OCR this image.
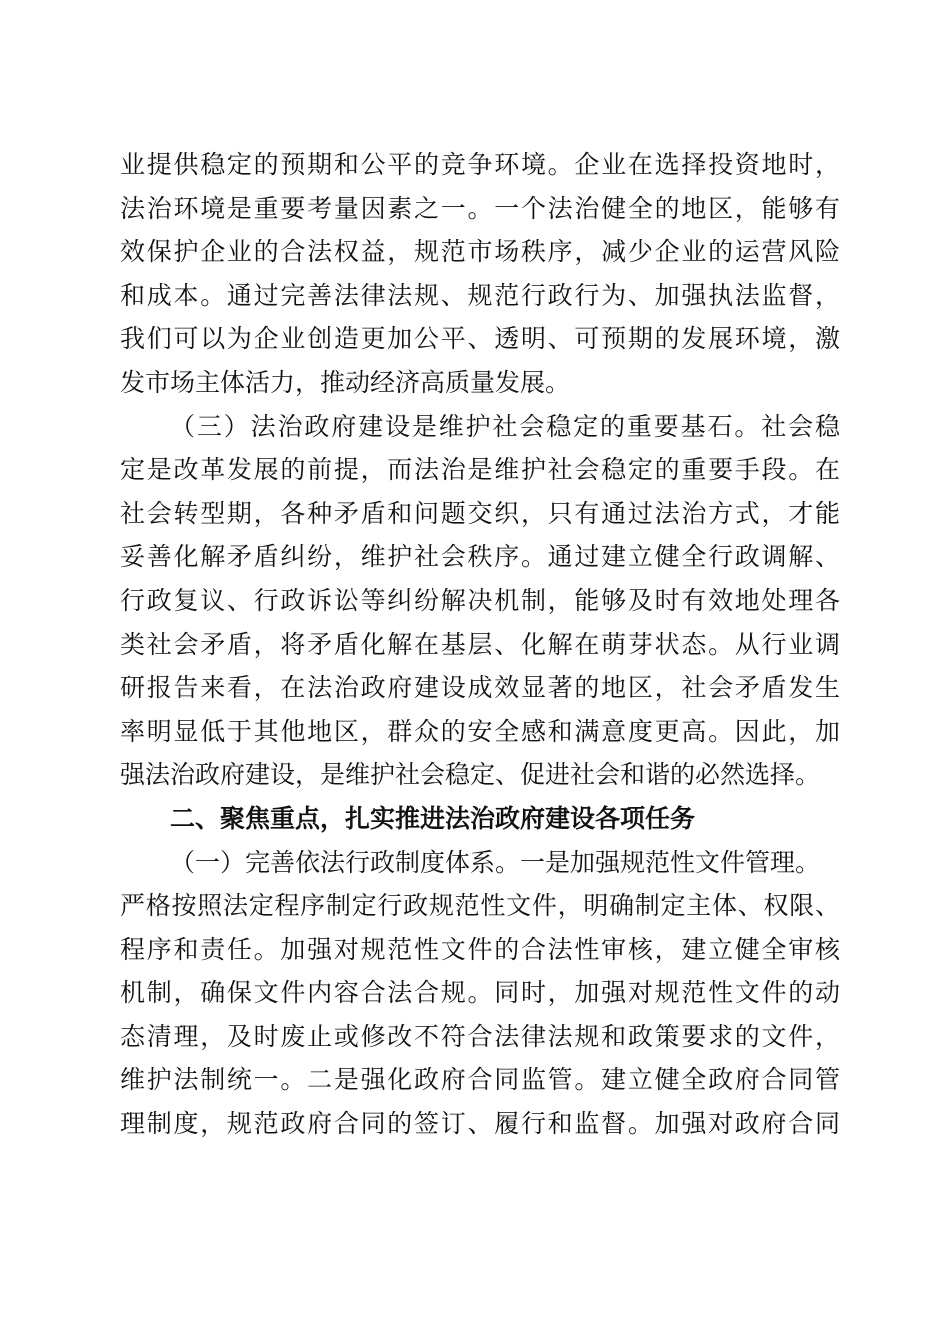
业提供稳定的预期和公平的竞争环境。企业在选择投资地时，
法治环境是重要考量因素之一。一个法治健全的地区，能够有
效保护企业的合法权益，规范市场秩序，减少企业的运营风险
和成本。通过完善法律法规、规范行政行为、加强执法监督，
我们可以为企业创造更加公平、透明、可预期的发展环境，激
发市场主体活力，推动经济高质量发展。
（三）法治政府建设是维护社会稳定的重要基石。社会稳
定是改革发展的前提，而法治是维护社会稳定的重要手段。在
社会转型期，各种矛盾和问题交织，只有通过法治方式，才能
妥善化解矛盾纠纷，维护社会秩序。通过建立健全行政调解、
行政复议、行政诉讼等纠纷解决机制，能够及时有效地处理各
类社会矛盾，将矛盾化解在基层、化解在萌芽状态。从行业调
研报告来看，在法治政府建设成效显著的地区，社会矛盾发生
率明显低于其他地区，群众的安全感和满意度更高。因此，加
强法治政府建设，是维护社会稳定、促进社会和谐的必然选择。
二、聚焦重点，扎实推进法治政府建设各项任务
（一）完善依法行政制度体系。一是加强规范性文件管理。
严格按照法定程序制定行政规范性文件，明确制定主体、权限、
程序和责任。加强对规范性文件的合法性审核，建立健全审核
机制，确保文件内容合法合规。同时，加强对规范性文件的动
态清理，及时废止或修改不符合法律法规和政策要求的文件，
维护法制统一。二是强化政府合同监管。建立健全政府合同管
理制度，规范政府合同的签订、履行和监督。加强对政府合同
